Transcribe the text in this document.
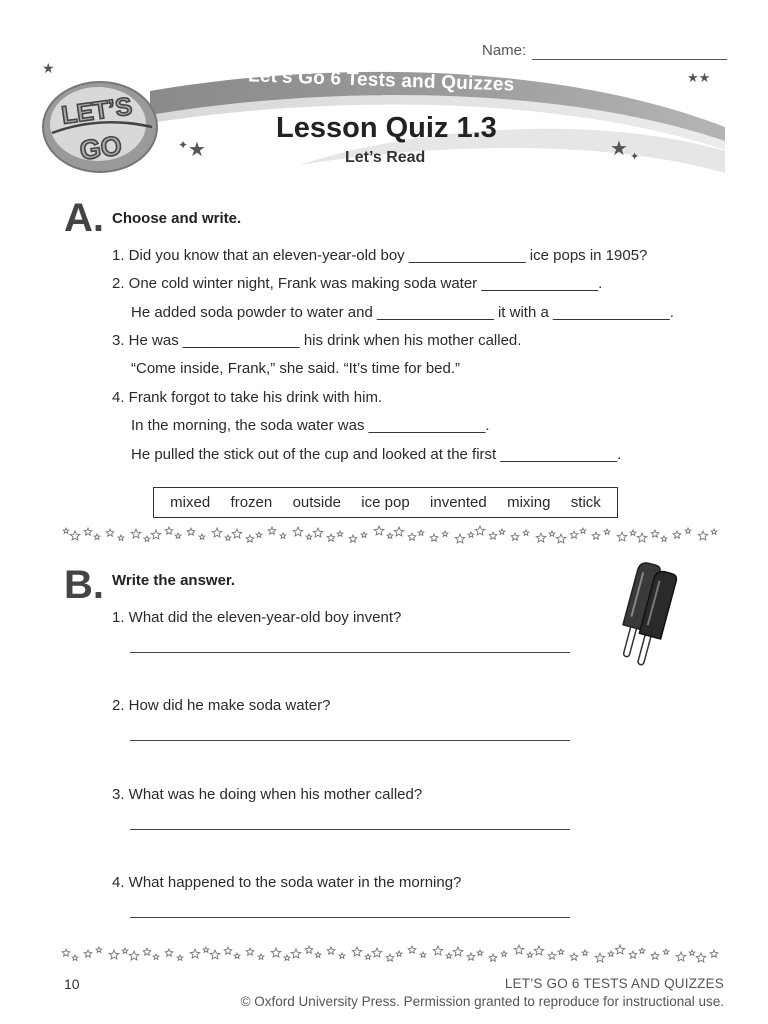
Name:
★
★★
✦ ★	★ ✦
LET’S
GO
Let’s Go 6 Tests and Quizzes
Lesson Quiz 1.3
Let’s Read
A. Choose and write.
1. Did you know that an eleven-year-old boy ______________ ice pops in 1905?
2. One cold winter night, Frank was making soda water ______________.
He added soda powder to water and ______________ it with a ______________.
3. He was ______________ his drink when his mother called.
“Come inside, Frank,” she said. “It’s time for bed.”
4. Frank forgot to take his drink with him.
In the morning, the soda water was ______________.
He pulled the stick out of the cup and looked at the first ______________.
mixed frozen outside ice pop invented mixing stick
B. Write the answer.
1. What did the eleven-year-old boy invent?
2. How did he make soda water?
3. What was he doing when his mother called?
4. What happened to the soda water in the morning?
10	LET’S GO 6 TESTS AND QUIZZES
© Oxford University Press. Permission granted to reproduce for instructional use.
